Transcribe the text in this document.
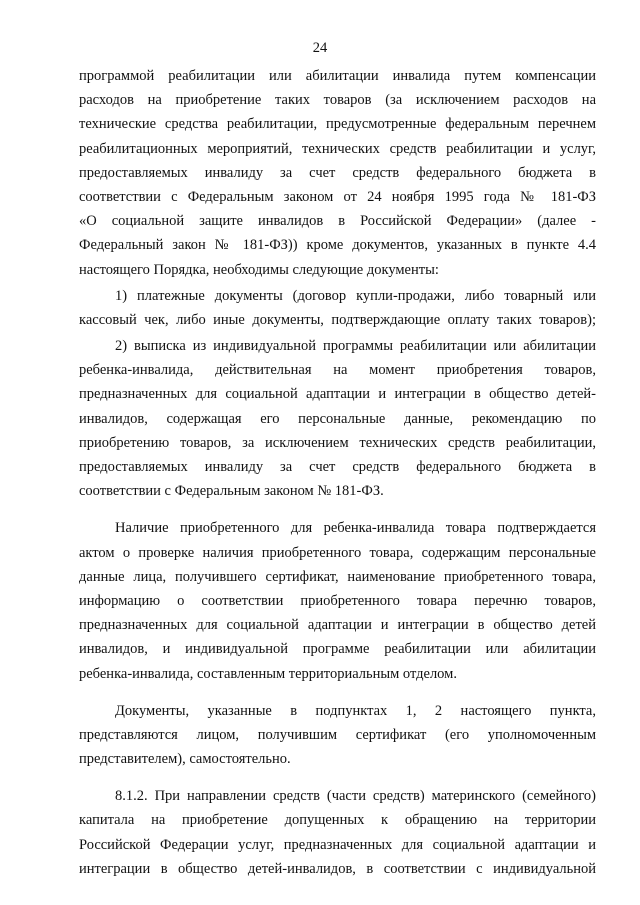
24
программой реабилитации или абилитации инвалида путем компенсации
расходов на приобретение таких товаров (за исключением расходов на
технические средства реабилитации, предусмотренные федеральным перечнем
реабилитационных мероприятий, технических средств реабилитации и услуг,
предоставляемых инвалиду за счет средств федерального бюджета в
соответствии с Федеральным законом от 24 ноября 1995 года № 181-ФЗ
«О социальной защите инвалидов в Российской Федерации» (далее -
Федеральный закон № 181-ФЗ)) кроме документов, указанных в пункте 4.4
настоящего Порядка, необходимы следующие документы:
1) платежные документы (договор купли-продажи, либо товарный или
кассовый чек, либо иные документы, подтверждающие оплату таких товаров);
2) выписка из индивидуальной программы реабилитации или абилитации
ребенка-инвалида, действительная на момент приобретения товаров,
предназначенных для социальной адаптации и интеграции в общество детей-
инвалидов, содержащая его персональные данные, рекомендацию по
приобретению товаров, за исключением технических средств реабилитации,
предоставляемых инвалиду за счет средств федерального бюджета в
соответствии с Федеральным законом № 181-ФЗ.
Наличие приобретенного для ребенка-инвалида товара подтверждается
актом о проверке наличия приобретенного товара, содержащим персональные
данные лица, получившего сертификат, наименование приобретенного товара,
информацию о соответствии приобретенного товара перечню товаров,
предназначенных для социальной адаптации и интеграции в общество детей
инвалидов, и индивидуальной программе реабилитации или абилитации
ребенка-инвалида, составленным территориальным отделом.
Документы, указанные в подпунктах 1, 2 настоящего пункта,
представляются лицом, получившим сертификат (его уполномоченным
представителем), самостоятельно.
8.1.2. При направлении средств (части средств) материнского (семейного)
капитала на приобретение допущенных к обращению на территории
Российской Федерации услуг, предназначенных для социальной адаптации и
интеграции в общество детей-инвалидов, в соответствии с индивидуальной
